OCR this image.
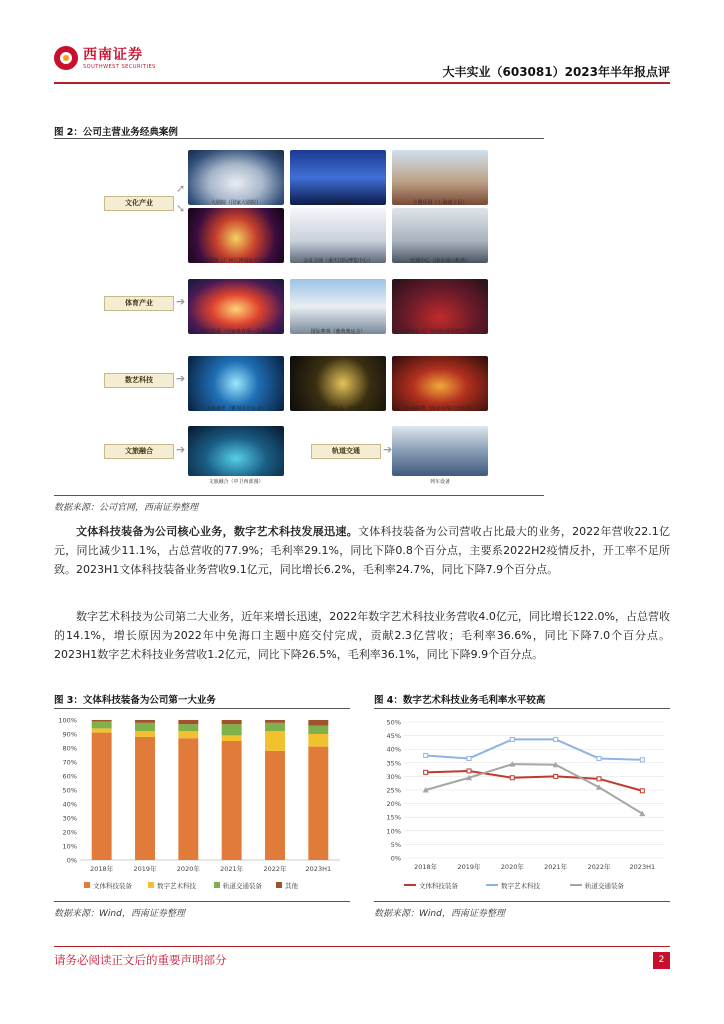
西南证券
SOUTHWEST SECURITIES	大丰实业（603081）2023年半年报点评
图 2：公司主营业务经典案例
文化产业
体育产业
数艺科技
文旅融合	轨道交通
➚
➘
➔
➔
➔	➔
大剧院（国家大剧院）	艺术中心（苏州艺术中心）	主题乐园（上海迪士尼）
马戏剧场（广州长隆国际大马戏）	会议会展（重庆国际博览中心）	交通中心（南京禄口机场）
场馆集成（国家体育场—鸟巢）	国际赛事（雅典奥运会）	体育中心（广州国际体育演艺中心）
文体盛世（雅加达亚运会）	旅游演艺（丝书 · 今生缘）	防 投影秀（南京中华门光影秀）
文旅融合（中卫西部漫）	列车设备
数据来源：公司官网，西南证券整理
文体科技装备为公司核心业务，数字艺术科技发展迅速。文体科技装备为公司营收占比最大的业务，2022年营收22.1亿元，同比减少11.1%，占总营收的77.9%；毛利率29.1%，同比下降0.8个百分点，主要系2022H2疫情反扑，开工率不足所致。2023H1文体科技装备业务营收9.1亿元，同比增长6.2%，毛利率24.7%，同比下降7.9个百分点。
数字艺术科技为公司第二大业务，近年来增长迅速，2022年数字艺术科技业务营收4.0亿元，同比增长122.0%，占总营收的14.1%，增长原因为2022年中免海口主题中庭交付完成，贡献2.3亿营收；毛利率36.6%，同比下降7.0个百分点。2023H1数字艺术科技业务营收1.2亿元，同比下降26.5%，毛利率36.1%，同比下降9.9个百分点。
图 3：文体科技装备为公司第一大业务
0%
10%
20%
30%
40%
50%
60%
70%
80%
90%
100%
2018年	2019年	2020年	2021年	2022年	2023H1
文体科技装备	数字艺术科技	轨道交通装备	其他
数据来源：Wind，西南证券整理
图 4：数字艺术科技业务毛利率水平较高
0%
5%
10%
15%
20%
25%
30%
35%
40%
45%
50%
2018年	2019年	2020年	2021年	2022年	2023H1
文体科技装备	数字艺术科技	轨道交通装备
数据来源：Wind，西南证券整理
请务必阅读正文后的重要声明部分	2
